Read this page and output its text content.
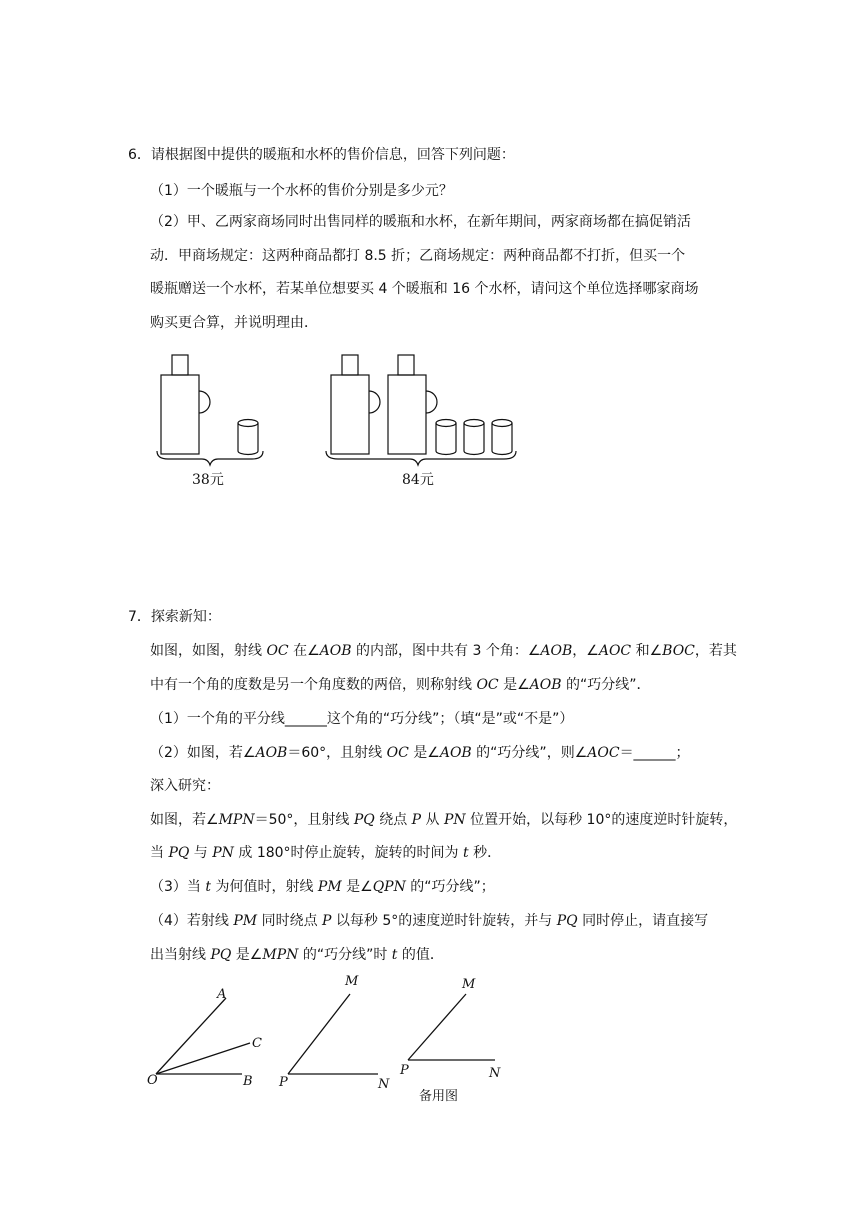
6．请根据图中提供的暖瓶和水杯的售价信息，回答下列问题：
（1）一个暖瓶与一个水杯的售价分别是多少元？
（2）甲、乙两家商场同时出售同样的暖瓶和水杯，在新年期间，两家商场都在搞促销活
动．甲商场规定：这两种商品都打 8.5 折；乙商场规定：两种商品都不打折，但买一个
暖瓶赠送一个水杯，若某单位想要买 4 个暖瓶和 16 个水杯，请问这个单位选择哪家商场
购买更合算，并说明理由．
38元	84元
7．探索新知：
如图，如图，射线 OC 在∠AOB 的内部，图中共有 3 个角：∠AOB，∠AOC 和∠BOC，若其
中有一个角的度数是另一个角度数的两倍，则称射线 OC 是∠AOB 的“巧分线”．
（1）一个角的平分线______这个角的“巧分线”；（填“是”或“不是”）
（2）如图，若∠AOB＝60°，且射线 OC 是∠AOB 的“巧分线”，则∠AOC＝______；
深入研究：
如图，若∠MPN＝50°，且射线 PQ 绕点 P 从 PN 位置开始，以每秒 10°的速度逆时针旋转，
当 PQ 与 PN 成 180°时停止旋转，旋转的时间为 t 秒．
（3）当 t 为何值时，射线 PM 是∠QPN 的“巧分线”；
（4）若射线 PM 同时绕点 P 以每秒 5°的速度逆时针旋转，并与 PQ 同时停止，请直接写
出当射线 PQ 是∠MPN 的“巧分线”时 t 的值．
A
C
O	B
M
P	N
M
P	N
备用图
